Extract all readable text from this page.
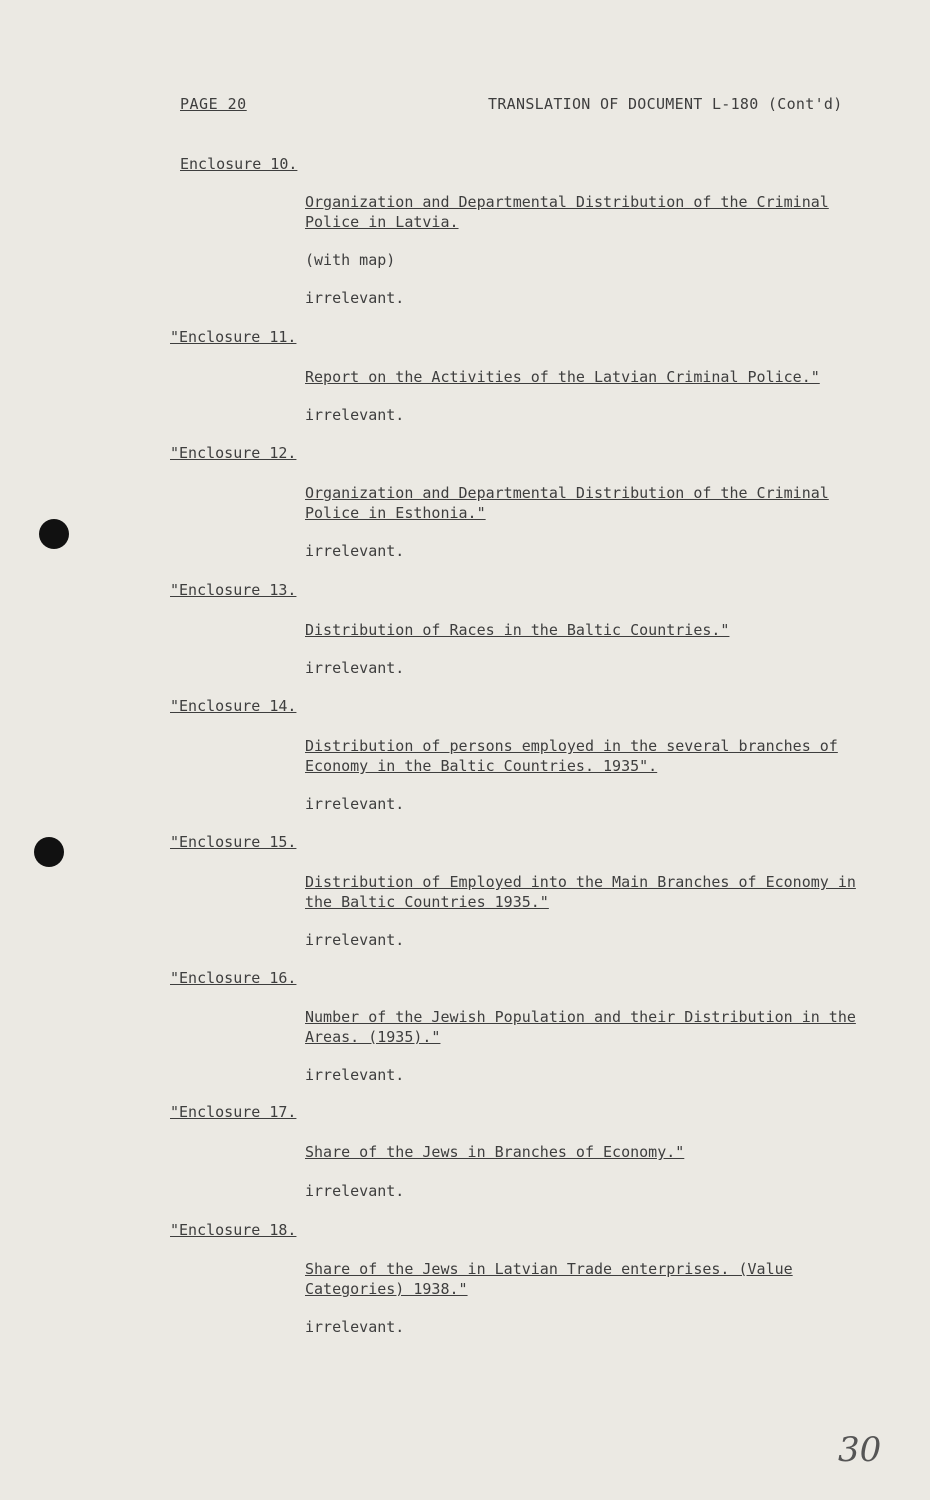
PAGE 20	TRANSLATION OF DOCUMENT L-180 (Cont'd)
Enclosure 10.
Organization and Departmental Distribution of the Criminal Police in Latvia.
(with map)
irrelevant.
"Enclosure 11.
Report on the Activities of the Latvian Criminal Police."
irrelevant.
"Enclosure 12.
Organization and Departmental Distribution of the Criminal Police in Esthonia."
irrelevant.
"Enclosure 13.
Distribution of Races in the Baltic Countries."
irrelevant.
"Enclosure 14.
Distribution of persons employed in the several branches of Economy in the Baltic Countries. 1935".
irrelevant.
"Enclosure 15.
Distribution of Employed into the Main Branches of Economy in the Baltic Countries 1935."
irrelevant.
"Enclosure 16.
Number of the Jewish Population and their Distribution in the Areas. (1935)."
irrelevant.
"Enclosure 17.
Share of the Jews in Branches of Economy."
irrelevant.
"Enclosure 18.
Share of the Jews in Latvian Trade enterprises. (Value Categories) 1938."
irrelevant.
30
